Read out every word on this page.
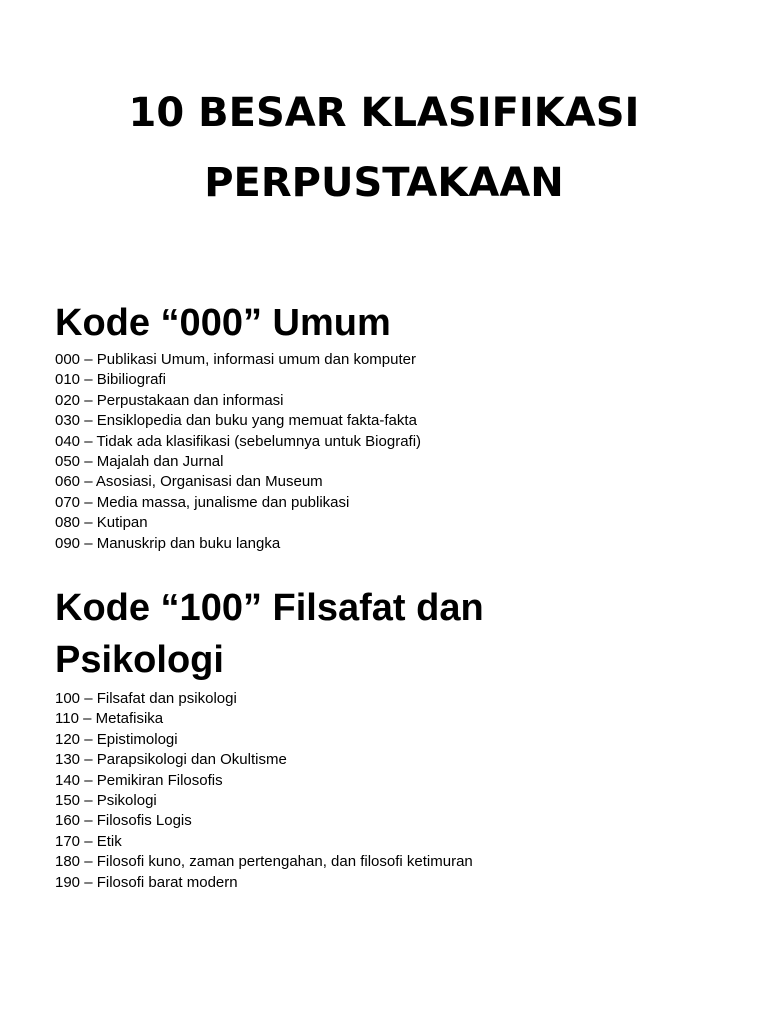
10 BESAR KLASIFIKASI
PERPUSTAKAAN
Kode “000” Umum
000 – Publikasi Umum, informasi umum dan komputer
010 – Bibiliografi
020 – Perpustakaan dan informasi
030 – Ensiklopedia dan buku yang memuat fakta-fakta
040 – Tidak ada klasifikasi (sebelumnya untuk Biografi)
050 – Majalah dan Jurnal
060 – Asosiasi, Organisasi dan Museum
070 – Media massa, junalisme dan publikasi
080 – Kutipan
090 – Manuskrip dan buku langka
Kode “100” Filsafat dan
Psikologi
100 – Filsafat dan psikologi
110 – Metafisika
120 – Epistimologi
130 – Parapsikologi dan Okultisme
140 – Pemikiran Filosofis
150 – Psikologi
160 – Filosofis Logis
170 – Etik
180 – Filosofi kuno, zaman pertengahan, dan filosofi ketimuran
190 – Filosofi barat modern
